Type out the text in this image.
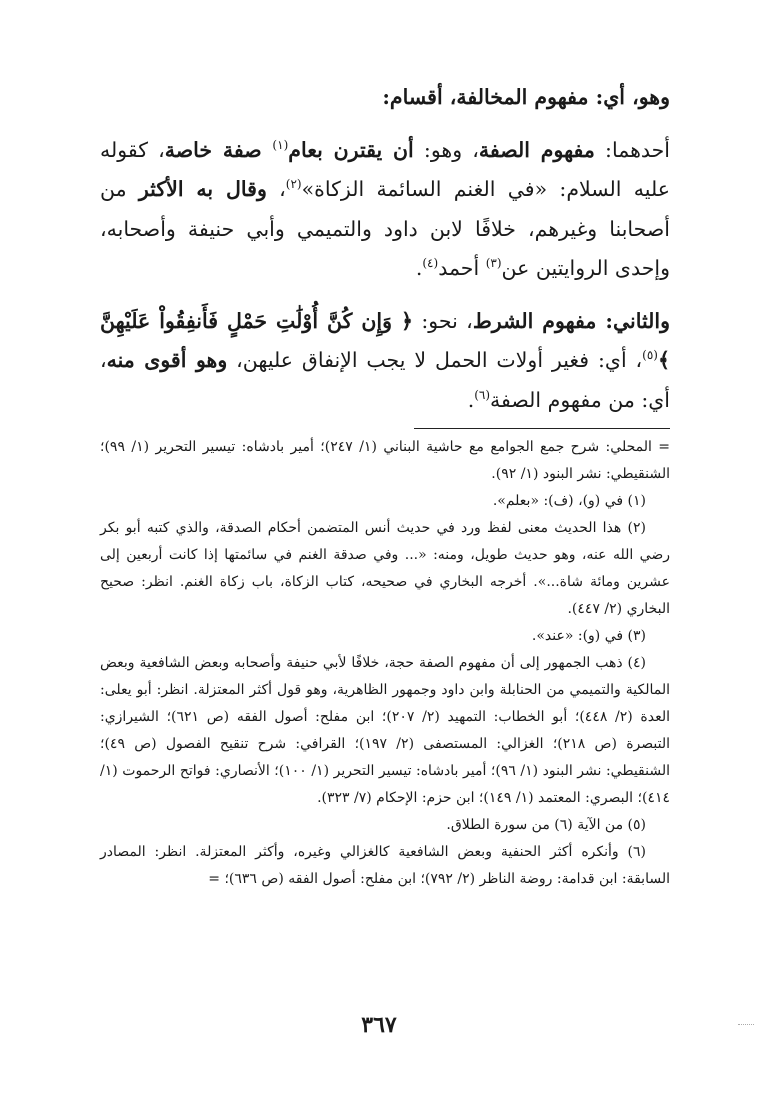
وهو، أي: مفهوم المخالفة، أقسام:

أحدهما: مفهوم الصفة، وهو: أن يقترن بعام$^{(١)}$ صفة خاصة، كقوله عليه السلام: «في الغنم السائمة الزكاة»$^{(٢)}$، وقال به الأكثر من أصحابنا وغيرهم، خلافًا لابن داود والتميمي وأبي حنيفة وأصحابه، وإحدى الروايتين عن$^{(٣)}$ أحمد$^{(٤)}$.

والثاني: مفهوم الشرط، نحو: ﴿ وَإِن كُنَّ أُوْلَٰتِ حَمْلٍ فَأَنفِقُواْ عَلَيْهِنَّ ﴾$^{(٥)}$، أي: فغير أولات الحمل لا يجب الإنفاق عليهن، وهو أقوى منه، أي: من مفهوم الصفة$^{(٦)}$.

= المحلي: شرح جمع الجوامع مع حاشية البناني (١/ ٢٤٧)؛ أمير بادشاه: تيسير التحرير (١/ ٩٩)؛ الشنقيطي: نشر البنود (١/ ٩٢).

(١) في (و)، (ف): «بعلم».

(٢) هذا الحديث معنى لفظ ورد في حديث أنس المتضمن أحكام الصدقة، والذي كتبه أبو بكر رضي الله عنه، وهو حديث طويل، ومنه: «... وفي صدقة الغنم في سائمتها إذا كانت أربعين إلى عشرين ومائة شاة...». أخرجه البخاري في صحيحه، كتاب الزكاة، باب زكاة الغنم. انظر: صحيح البخاري (٢/ ٤٤٧).

(٣) في (و): «عند».

(٤) ذهب الجمهور إلى أن مفهوم الصفة حجة، خلافًا لأبي حنيفة وأصحابه وبعض الشافعية وبعض المالكية والتميمي من الحنابلة وابن داود وجمهور الظاهرية، وهو قول أكثر المعتزلة. انظر: أبو يعلى: العدة (٢/ ٤٤٨)؛ أبو الخطاب: التمهيد (٢/ ٢٠٧)؛ ابن مفلح: أصول الفقه (ص ٦٢١)؛ الشيرازي: التبصرة (ص ٢١٨)؛ الغزالي: المستصفى (٢/ ١٩٧)؛ القرافي: شرح تنقيح الفصول (ص ٤٩)؛ الشنقيطي: نشر البنود (١/ ٩٦)؛ أمير بادشاه: تيسير التحرير (١/ ١٠٠)؛ الأنصاري: فواتح الرحموت (١/ ٤١٤)؛ البصري: المعتمد (١/ ١٤٩)؛ ابن حزم: الإحكام (٧/ ٣٢٣).

(٥) من الآية (٦) من سورة الطلاق.

(٦) وأنكره أكثر الحنفية وبعض الشافعية كالغزالي وغيره، وأكثر المعتزلة. انظر: المصادر السابقة: ابن قدامة: روضة الناظر (٢/ ٧٩٢)؛ ابن مفلح: أصول الفقه (ص ٦٣٦)؛ =

٣٦٧
